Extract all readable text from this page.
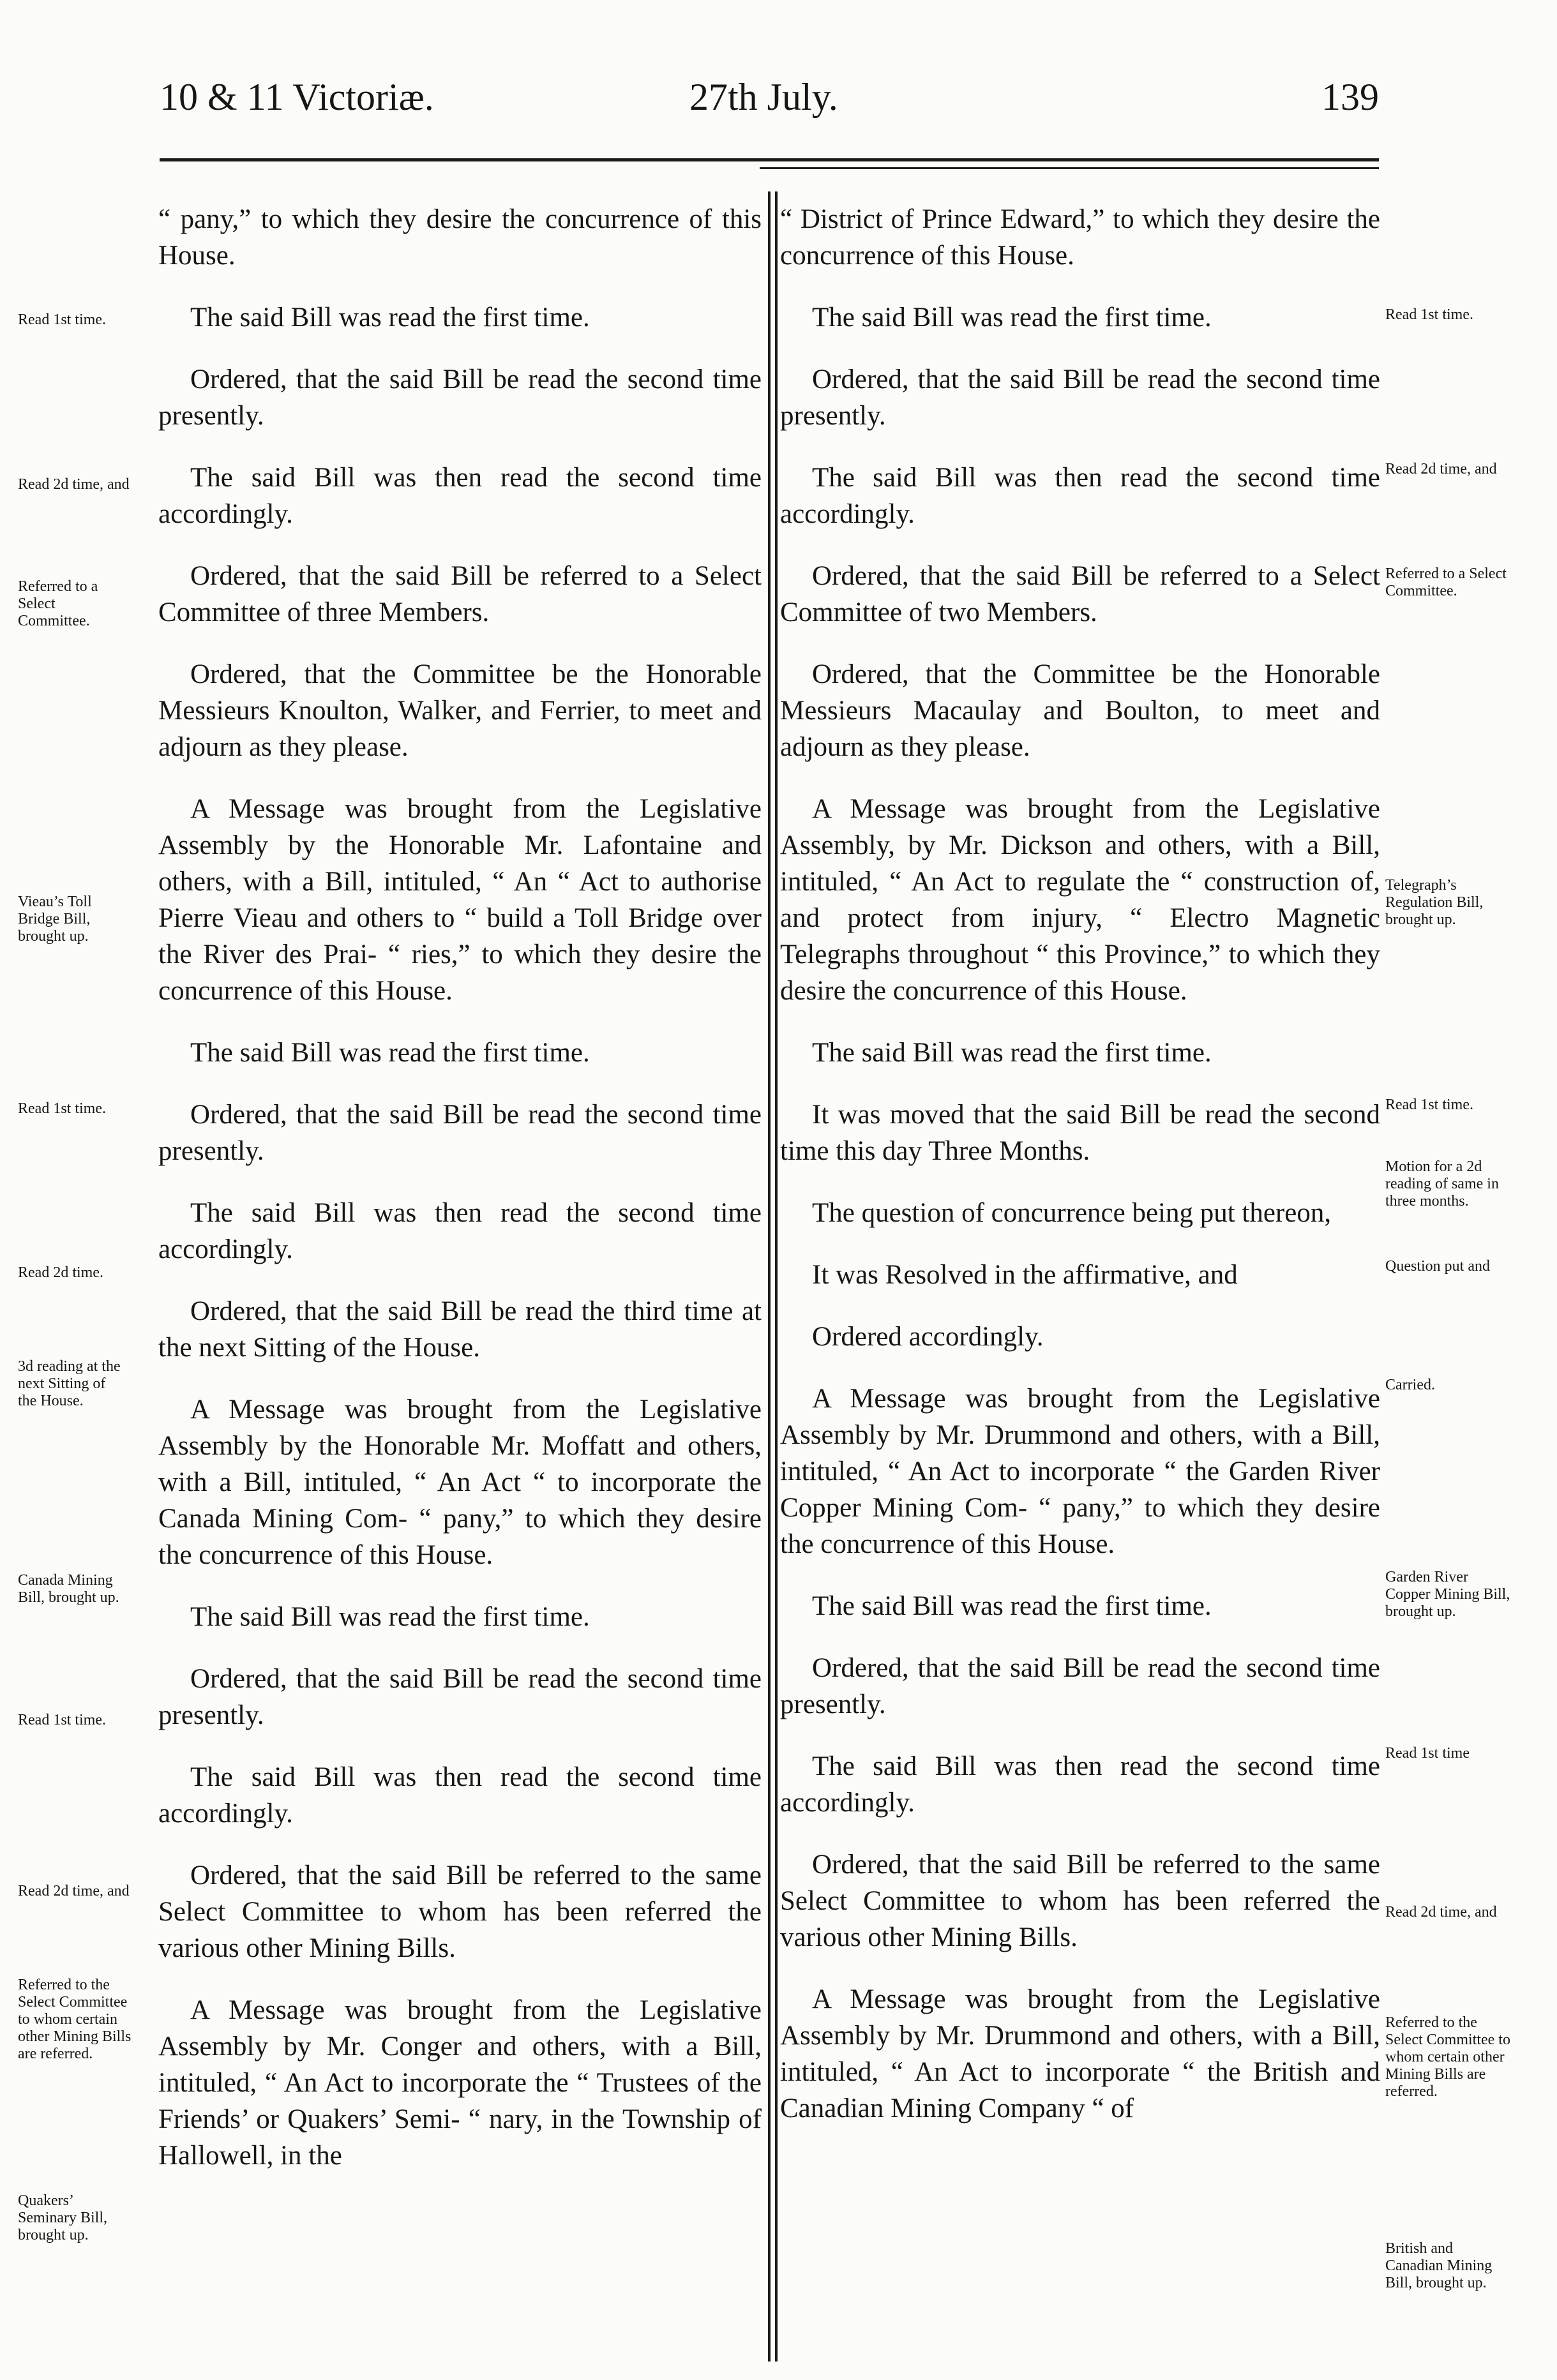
10 & 11 Victoriæ.	27th July.	139

“ pany,” to which they desire the concurrence of this House.

The said Bill was read the first time.

Ordered, that the said Bill be read the second time presently.

The said Bill was then read the second time accordingly.

Ordered, that the said Bill be referred to a Select Committee of three Members.

Ordered, that the Committee be the Honorable Messieurs Knoulton, Walker, and Ferrier, to meet and adjourn as they please.

A Message was brought from the Legislative Assembly by the Honorable Mr. Lafontaine and others, with a Bill, intituled, “ An “ Act to authorise Pierre Vieau and others to “ build a Toll Bridge over the River des Prai- “ ries,” to which they desire the concurrence of this House.

The said Bill was read the first time.

Ordered, that the said Bill be read the second time presently.

The said Bill was then read the second time accordingly.

Ordered, that the said Bill be read the third time at the next Sitting of the House.

A Message was brought from the Legislative Assembly by the Honorable Mr. Moffatt and others, with a Bill, intituled, “ An Act “ to incorporate the Canada Mining Com- “ pany,” to which they desire the concurrence of this House.

The said Bill was read the first time.

Ordered, that the said Bill be read the second time presently.

The said Bill was then read the second time accordingly.

Ordered, that the said Bill be referred to the same Select Committee to whom has been referred the various other Mining Bills.

A Message was brought from the Legislative Assembly by Mr. Conger and others, with a Bill, intituled, “ An Act to incorporate the “ Trustees of the Friends’ or Quakers’ Semi- “ nary, in the Township of Hallowell, in the

“ District of Prince Edward,” to which they desire the concurrence of this House.

The said Bill was read the first time.

Ordered, that the said Bill be read the second time presently.

The said Bill was then read the second time accordingly.

Ordered, that the said Bill be referred to a Select Committee of two Members.

Ordered, that the Committee be the Honorable Messieurs Macaulay and Boulton, to meet and adjourn as they please.

A Message was brought from the Legislative Assembly, by Mr. Dickson and others, with a Bill, intituled, “ An Act to regulate the “ construction of, and protect from injury, “ Electro Magnetic Telegraphs throughout “ this Province,” to which they desire the concurrence of this House.

The said Bill was read the first time.

It was moved that the said Bill be read the second time this day Three Months.

The question of concurrence being put thereon,

It was Resolved in the affirmative, and

Ordered accordingly.

A Message was brought from the Legislative Assembly by Mr. Drummond and others, with a Bill, intituled, “ An Act to incorporate “ the Garden River Copper Mining Com- “ pany,” to which they desire the concurrence of this House.

The said Bill was read the first time.

Ordered, that the said Bill be read the second time presently.

The said Bill was then read the second time accordingly.

Ordered, that the said Bill be referred to the same Select Committee to whom has been referred the various other Mining Bills.

A Message was brought from the Legislative Assembly by Mr. Drummond and others, with a Bill, intituled, “ An Act to incorporate “ the British and Canadian Mining Company “ of

Read 1st time.
Read 2d time, and
Referred to a Select Committee.
Vieau’s Toll Bridge Bill, brought up.
Read 1st time.
Read 2d time.
3d reading at the next Sitting of the House.
Canada Mining Bill, brought up.
Read 1st time.
Read 2d time, and
Referred to the Select Committee to whom certain other Mining Bills are referred.
Quakers’ Seminary Bill, brought up.
Read 1st time.
Read 2d time, and
Referred to a Select Committee.
Telegraph’s Regulation Bill, brought up.
Read 1st time.
Motion for a 2d reading of same in three months.
Question put and
Carried.
Garden River Copper Mining Bill, brought up.
Read 1st time
Read 2d time, and
Referred to the Select Committee to whom certain other Mining Bills are referred.
British and Canadian Mining Bill, brought up.
